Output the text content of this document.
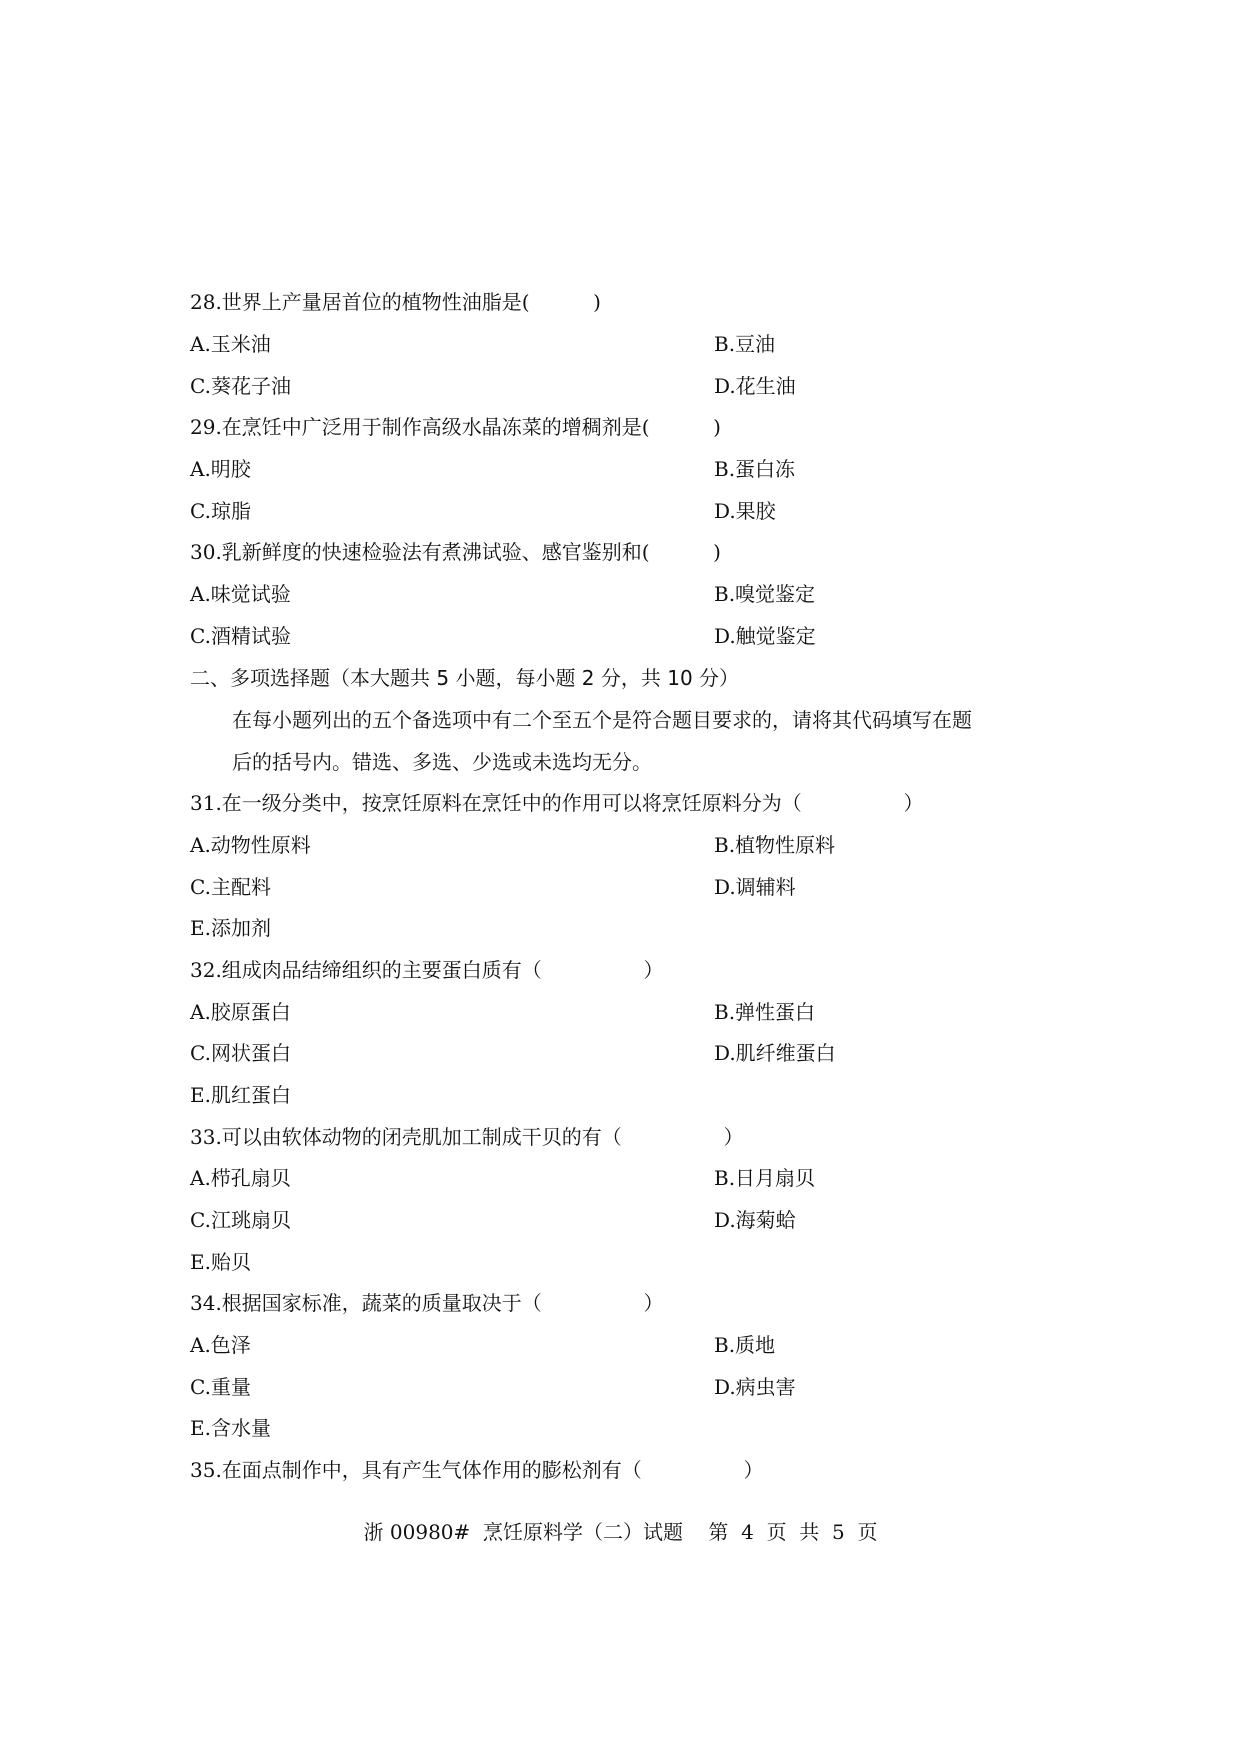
28.世界上产量居首位的植物性油脂是(          )
A.玉米油	B.豆油
C.葵花子油	D.花生油
29.在烹饪中广泛用于制作高级水晶冻菜的增稠剂是(          )
A.明胶	B.蛋白冻
C.琼脂	D.果胶
30.乳新鲜度的快速检验法有煮沸试验、感官鉴别和(          )
A.味觉试验	B.嗅觉鉴定
C.酒精试验	D.触觉鉴定
二、多项选择题（本大题共 5 小题，每小题 2 分，共 10 分）
在每小题列出的五个备选项中有二个至五个是符合题目要求的，请将其代码填写在题
后的括号内。错选、多选、少选或未选均无分。
31.在一级分类中，按烹饪原料在烹饪中的作用可以将烹饪原料分为（                ）
A.动物性原料	B.植物性原料
C.主配料	D.调辅料
E.添加剂
32.组成肉品结缔组织的主要蛋白质有（                ）
A.胶原蛋白	B.弹性蛋白
C.网状蛋白	D.肌纤维蛋白
E.肌红蛋白
33.可以由软体动物的闭壳肌加工制成干贝的有（                ）
A.栉孔扇贝	B.日月扇贝
C.江珧扇贝	D.海菊蛤
E.贻贝
34.根据国家标准，蔬菜的质量取决于（                ）
A.色泽	B.质地
C.重量	D.病虫害
E.含水量
35.在面点制作中，具有产生气体作用的膨松剂有（                ）
浙 00980#  烹饪原料学（二）试题    第  4  页  共  5  页
